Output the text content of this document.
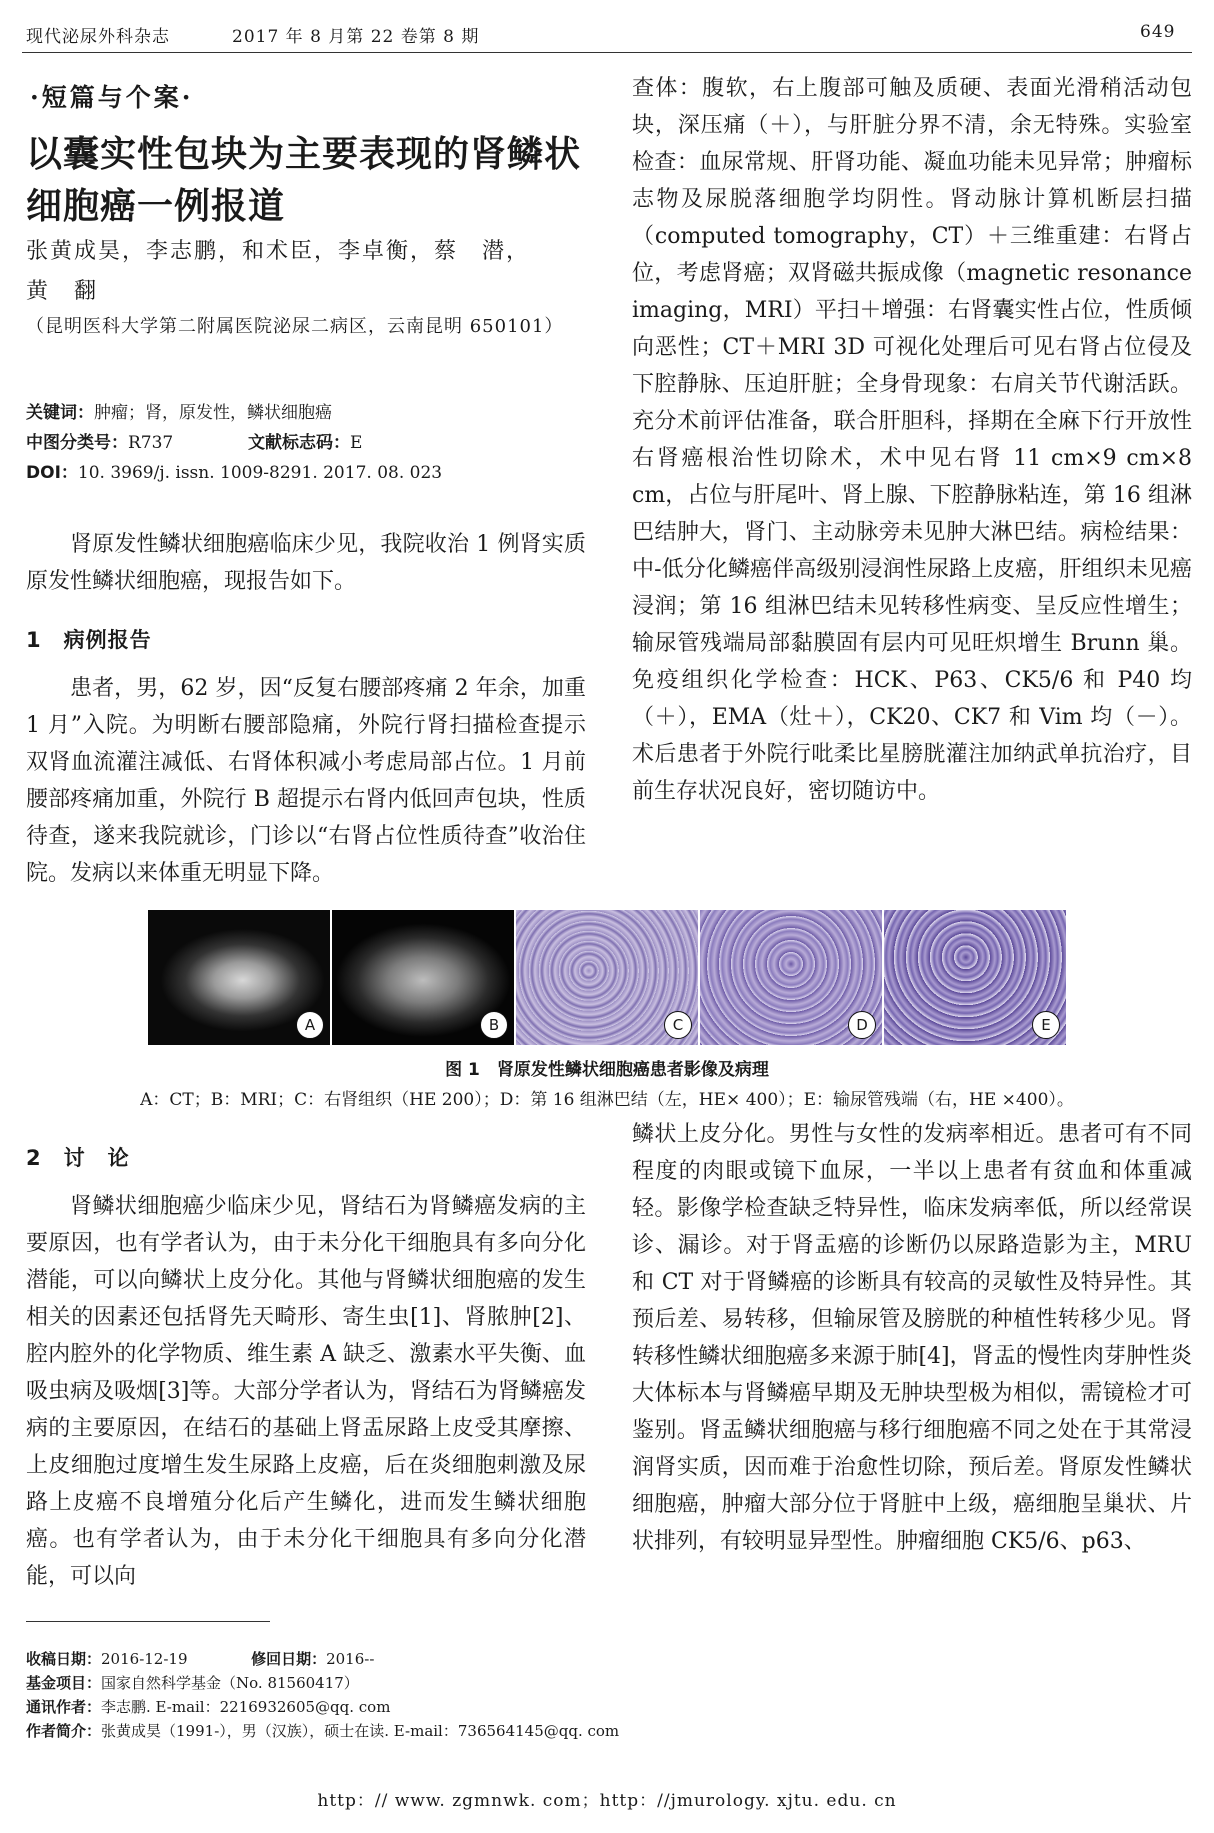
现代泌尿外科杂志	2017 年 8 月第 22 卷第 8 期	649
·短篇与个案·
以囊实性包块为主要表现的肾鳞状细胞癌一例报道
张黄成昊，李志鹏，和术臣，李卓衡，蔡　潜，
黄　翻
（昆明医科大学第二附属医院泌尿二病区，云南昆明 650101）
关键词：肿瘤；肾，原发性，鳞状细胞癌
中图分类号：R737	文献标志码：E
DOI：10. 3969/j. issn. 1009-8291. 2017. 08. 023

肾原发性鳞状细胞癌临床少见，我院收治 1 例肾实质原发性鳞状细胞癌，现报告如下。

1　病例报告

患者，男，62 岁，因“反复右腰部疼痛 2 年余，加重 1 月”入院。为明断右腰部隐痛，外院行肾扫描检查提示双肾血流灌注减低、右肾体积减小考虑局部占位。1 月前腰部疼痛加重，外院行 B 超提示右肾内低回声包块，性质待查，遂来我院就诊，门诊以“右肾占位性质待查”收治住院。发病以来体重无明显下降。

查体：腹软，右上腹部可触及质硬、表面光滑稍活动包块，深压痛（＋），与肝脏分界不清，余无特殊。实验室检查：血尿常规、肝肾功能、凝血功能未见异常；肿瘤标志物及尿脱落细胞学均阴性。肾动脉计算机断层扫描（computed tomography，CT）＋三维重建：右肾占位，考虑肾癌；双肾磁共振成像（magnetic resonance imaging，MRI）平扫＋增强：右肾囊实性占位，性质倾向恶性；CT＋MRI 3D 可视化处理后可见右肾占位侵及下腔静脉、压迫肝脏；全身骨现象：右肩关节代谢活跃。充分术前评估准备，联合肝胆科，择期在全麻下行开放性右肾癌根治性切除术，术中见右肾 11 cm×9 cm×8 cm，占位与肝尾叶、肾上腺、下腔静脉粘连，第 16 组淋巴结肿大，肾门、主动脉旁未见肿大淋巴结。病检结果：中-低分化鳞癌伴高级别浸润性尿路上皮癌，肝组织未见癌浸润；第 16 组淋巴结未见转移性病变、呈反应性增生；输尿管残端局部黏膜固有层内可见旺炽增生 Brunn 巢。免疫组织化学检查：HCK、P63、CK5/6 和 P40 均（＋），EMA（灶＋），CK20、CK7 和 Vim 均（－）。术后患者于外院行吡柔比星膀胱灌注加纳武单抗治疗，目前生存状况良好，密切随访中。

A	B	C	D	E
图 1　肾原发性鳞状细胞癌患者影像及病理
A：CT；B：MRI；C：右肾组织（HE 200）；D：第 16 组淋巴结（左，HE× 400）；E：输尿管残端（右，HE ×400）。
2　讨　论

肾鳞状细胞癌少临床少见，肾结石为肾鳞癌发病的主要原因，也有学者认为，由于未分化干细胞具有多向分化潜能，可以向鳞状上皮分化。其他与肾鳞状细胞癌的发生相关的因素还包括肾先天畸形、寄生虫[1]、肾脓肿[2]、腔内腔外的化学物质、维生素 A 缺乏、激素水平失衡、血吸虫病及吸烟[3]等。大部分学者认为，肾结石为肾鳞癌发病的主要原因，在结石的基础上肾盂尿路上皮受其摩擦、上皮细胞过度增生发生尿路上皮癌，后在炎细胞刺激及尿路上皮癌不良增殖分化后产生鳞化，进而发生鳞状细胞癌。也有学者认为，由于未分化干细胞具有多向分化潜能，可以向

鳞状上皮分化。男性与女性的发病率相近。患者可有不同程度的肉眼或镜下血尿，一半以上患者有贫血和体重减轻。影像学检查缺乏特异性，临床发病率低，所以经常误诊、漏诊。对于肾盂癌的诊断仍以尿路造影为主，MRU 和 CT 对于肾鳞癌的诊断具有较高的灵敏性及特异性。其预后差、易转移，但输尿管及膀胱的种植性转移少见。肾转移性鳞状细胞癌多来源于肺[4]，肾盂的慢性肉芽肿性炎大体标本与肾鳞癌早期及无肿块型极为相似，需镜检才可鉴别。肾盂鳞状细胞癌与移行细胞癌不同之处在于其常浸润肾实质，因而难于治愈性切除，预后差。肾原发性鳞状细胞癌，肿瘤大部分位于肾脏中上级，癌细胞呈巢状、片状排列，有较明显异型性。肿瘤细胞 CK5/6、p63、

收稿日期：2016-12-19	修回日期：2016--
基金项目：国家自然科学基金（No. 81560417）
通讯作者：李志鹏. E-mail：2216932605@qq. com
作者简介：张黄成昊（1991-），男（汉族），硕士在读. E-mail：736564145@qq. com
http：// www. zgmnwk. com；http：//jmurology. xjtu. edu. cn
